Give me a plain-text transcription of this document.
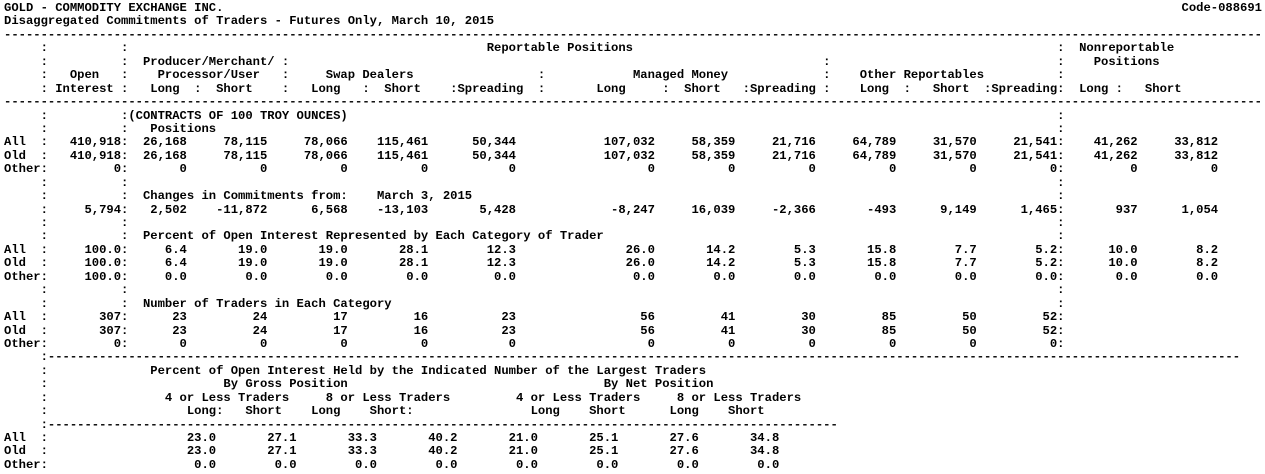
GOLD - COMMODITY EXCHANGE INC.                                                                                                                                   Code-088691
Disaggregated Commitments of Traders - Futures Only, March 10, 2015
----------------------------------------------------------------------------------------------------------------------------------------------------------------------------
:          :                                                 Reportable Positions                                                          :  Nonreportable
:          :  Producer/Merchant/ :                                                                         :                               :    Positions
:   Open   :    Processor/User   :     Swap Dealers                 :            Managed Money             :    Other Reportables          :
: Interest :   Long  :  Short    :   Long   :  Short    :Spreading  :       Long     :  Short   :Spreading :    Long  :   Short  :Spreading:  Long :   Short
----------------------------------------------------------------------------------------------------------------------------------------------------------------------------
:          :(CONTRACTS OF 100 TROY OUNCES)                                                                                                 :
:          :   Positions                                                                                                                   :
All  :   410,918:  26,168     78,115     78,066    115,461      50,344            107,032     58,359     21,716     64,789     31,570     21,541:    41,262     33,812
Old  :   410,918:  26,168     78,115     78,066    115,461      50,344            107,032     58,359     21,716     64,789     31,570     21,541:    41,262     33,812
Other:         0:       0          0          0          0           0                  0          0          0          0          0          0:         0          0
:          :                                                                                                                               :
:          :  Changes in Commitments from:    March 3, 2015                                                                                :
:     5,794:   2,502    -11,872      6,568    -13,103       5,428             -8,247     16,039     -2,366       -493      9,149      1,465:       937      1,054
:          :                                                                                                                               :
:          :  Percent of Open Interest Represented by Each Category of Trader                                                              :
All  :     100.0:     6.4       19.0       19.0       28.1        12.3               26.0       14.2        5.3       15.8        7.7        5.2:      10.0        8.2
Old  :     100.0:     6.4       19.0       19.0       28.1        12.3               26.0       14.2        5.3       15.8        7.7        5.2:      10.0        8.2
Other:     100.0:     0.0        0.0        0.0        0.0         0.0                0.0        0.0        0.0        0.0        0.0        0.0:       0.0        0.0
:          :                                                                                                                               :
:          :  Number of Traders in Each Category                                                                                           :
All  :       307:      23         24         17         16          23                 56         41         30         85         50         52:
Old  :       307:      23         24         17         16          23                 56         41         30         85         50         52:
Other:         0:       0          0          0          0           0                  0          0          0          0          0          0:
:-------------------------------------------------------------------------------------------------------------------------------------------------------------------
:              Percent of Open Interest Held by the Indicated Number of the Largest Traders
:                        By Gross Position                                   By Net Position
:                4 or Less Traders     8 or Less Traders         4 or Less Traders     8 or Less Traders
:                   Long:   Short    Long    Short:                Long    Short      Long    Short
:------------------------------------------------------------------------------------------------------------
All  :                   23.0       27.1       33.3       40.2       21.0       25.1       27.6       34.8
Old  :                   23.0       27.1       33.3       40.2       21.0       25.1       27.6       34.8
Other:                    0.0        0.0        0.0        0.0        0.0        0.0        0.0        0.0
